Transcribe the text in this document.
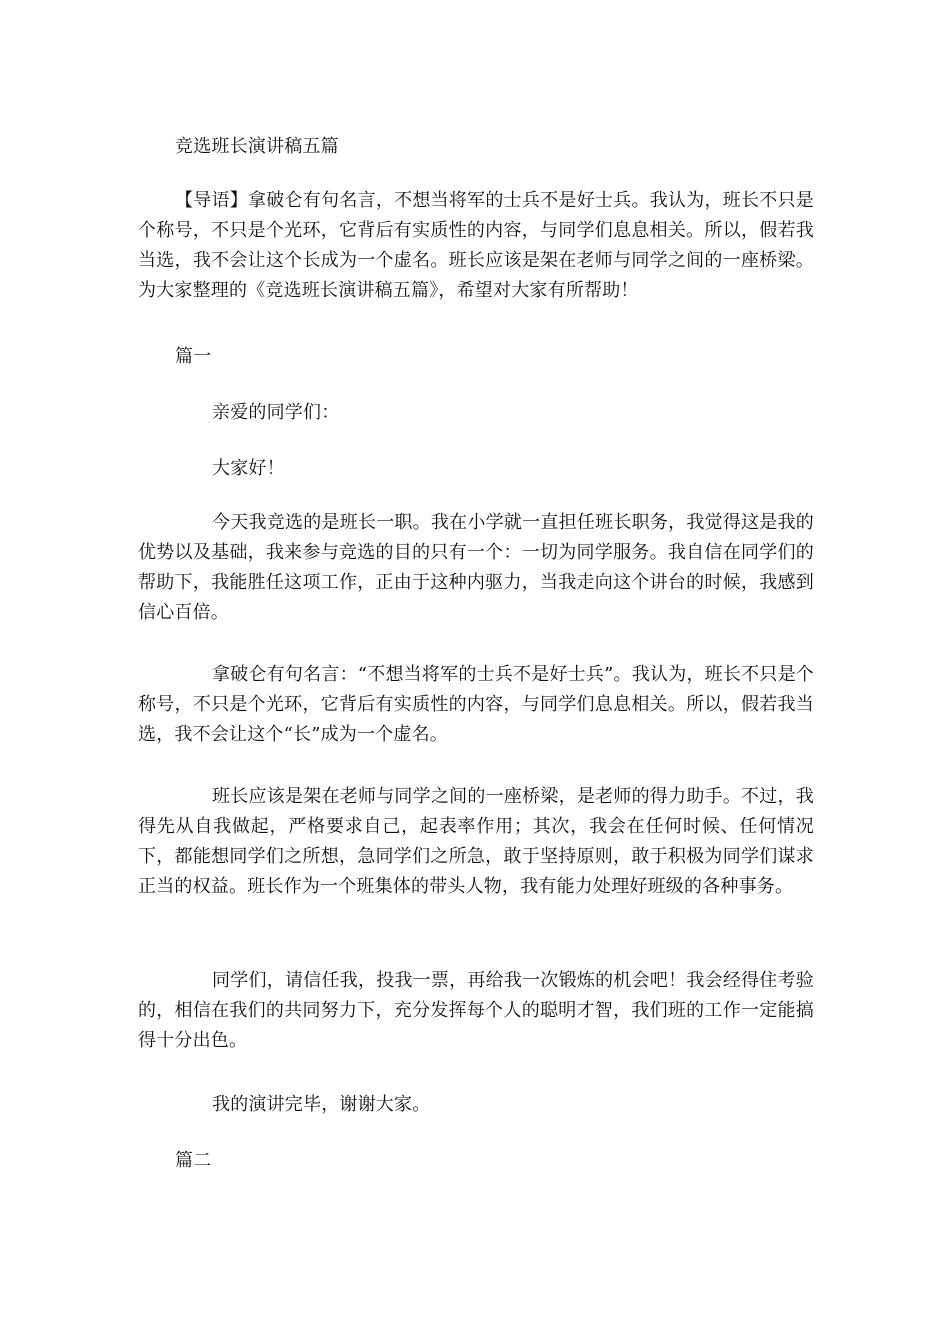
竞选班长演讲稿五篇

【导语】拿破仑有句名言，不想当将军的士兵不是好士兵。我认为，班长不只是个称号，不只是个光环，它背后有实质性的内容，与同学们息息相关。所以，假若我当选，我不会让这个长成为一个虚名。班长应该是架在老师与同学之间的一座桥梁。为大家整理的《竞选班长演讲稿五篇》，希望对大家有所帮助！

篇一

亲爱的同学们：

大家好！

今天我竞选的是班长一职。我在小学就一直担任班长职务，我觉得这是我的优势以及基础，我来参与竞选的目的只有一个：一切为同学服务。我自信在同学们的帮助下，我能胜任这项工作，正由于这种内驱力，当我走向这个讲台的时候，我感到信心百倍。

拿破仑有句名言：“不想当将军的士兵不是好士兵”。我认为，班长不只是个称号，不只是个光环，它背后有实质性的内容，与同学们息息相关。所以，假若我当选，我不会让这个“长”成为一个虚名。

班长应该是架在老师与同学之间的一座桥梁，是老师的得力助手。不过，我得先从自我做起，严格要求自己，起表率作用；其次，我会在任何时候、任何情况下，都能想同学们之所想，急同学们之所急，敢于坚持原则，敢于积极为同学们谋求正当的权益。班长作为一个班集体的带头人物，我有能力处理好班级的各种事务。

同学们，请信任我，投我一票，再给我一次锻炼的机会吧！我会经得住考验的，相信在我们的共同努力下，充分发挥每个人的聪明才智，我们班的工作一定能搞得十分出色。

我的演讲完毕，谢谢大家。

篇二
